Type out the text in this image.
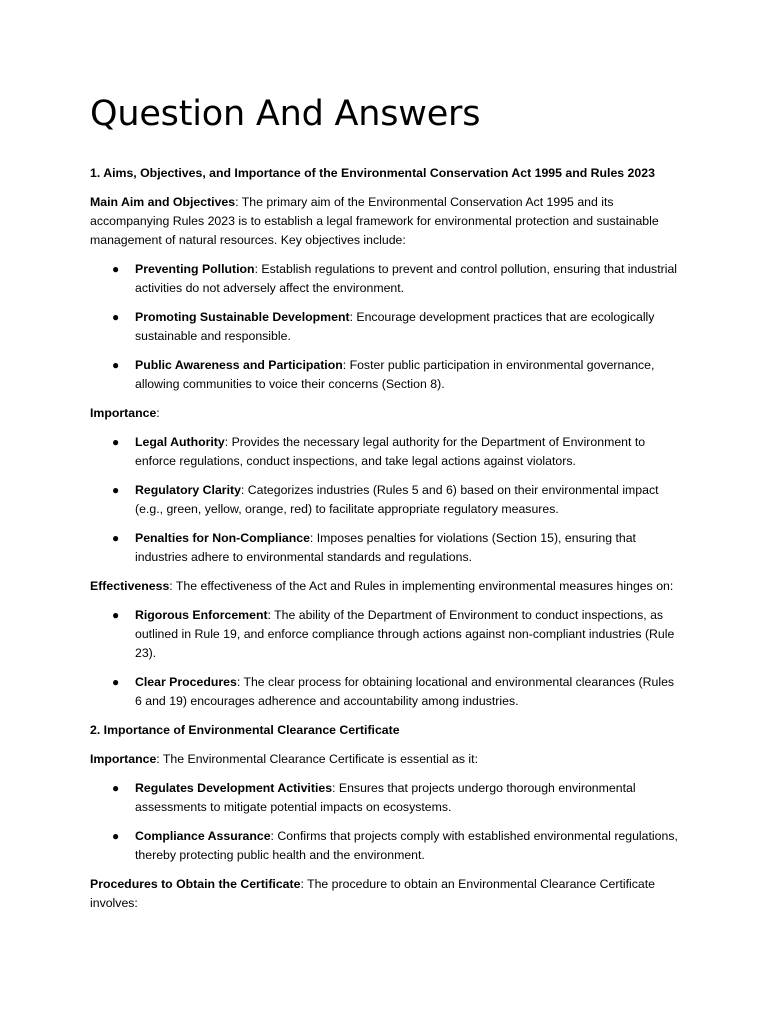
Question And Answers
1. Aims, Objectives, and Importance of the Environmental Conservation Act 1995 and Rules 2023

Main Aim and Objectives: The primary aim of the Environmental Conservation Act 1995 and its accompanying Rules 2023 is to establish a legal framework for environmental protection and sustainable management of natural resources. Key objectives include:

● Preventing Pollution: Establish regulations to prevent and control pollution, ensuring that industrial activities do not adversely affect the environment.
● Promoting Sustainable Development: Encourage development practices that are ecologically sustainable and responsible.
● Public Awareness and Participation: Foster public participation in environmental governance, allowing communities to voice their concerns (Section 8).

Importance:

● Legal Authority: Provides the necessary legal authority for the Department of Environment to enforce regulations, conduct inspections, and take legal actions against violators.
● Regulatory Clarity: Categorizes industries (Rules 5 and 6) based on their environmental impact (e.g., green, yellow, orange, red) to facilitate appropriate regulatory measures.
● Penalties for Non-Compliance: Imposes penalties for violations (Section 15), ensuring that industries adhere to environmental standards and regulations.

Effectiveness: The effectiveness of the Act and Rules in implementing environmental measures hinges on:

● Rigorous Enforcement: The ability of the Department of Environment to conduct inspections, as outlined in Rule 19, and enforce compliance through actions against non-compliant industries (Rule 23).
● Clear Procedures: The clear process for obtaining locational and environmental clearances (Rules 6 and 19) encourages adherence and accountability among industries.
2. Importance of Environmental Clearance Certificate

Importance: The Environmental Clearance Certificate is essential as it:

● Regulates Development Activities: Ensures that projects undergo thorough environmental assessments to mitigate potential impacts on ecosystems.
● Compliance Assurance: Confirms that projects comply with established environmental regulations, thereby protecting public health and the environment.

Procedures to Obtain the Certificate: The procedure to obtain an Environmental Clearance Certificate involves:
